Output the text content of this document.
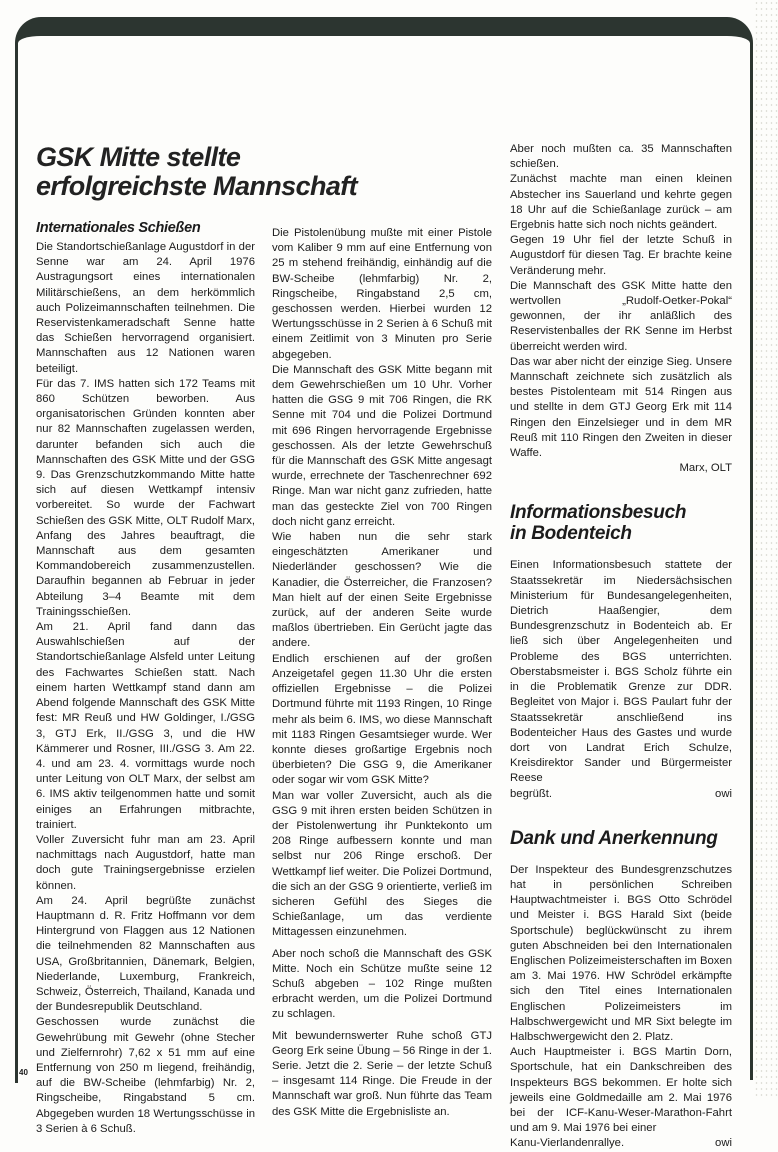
GSK Mitte stellte
erfolgreichste Mannschaft
Internationales Schießen

Die Standortschießanlage Augustdorf in der Senne war am 24. April 1976 Austragungsort eines internationalen Militärschießens, an dem herkömmlich auch Polizeimannschaften teilnehmen. Die Reservistenkameradschaft Senne hatte das Schießen hervorragend organisiert. Mannschaften aus 12 Nationen waren beteiligt.

Für das 7. IMS hatten sich 172 Teams mit 860 Schützen beworben. Aus organisatorischen Gründen konnten aber nur 82 Mannschaften zugelassen werden, darunter befanden sich auch die Mannschaften des GSK Mitte und der GSG 9. Das Grenzschutzkommando Mitte hatte sich auf diesen Wettkampf intensiv vorbereitet. So wurde der Fachwart Schießen des GSK Mitte, OLT Rudolf Marx, Anfang des Jahres beauftragt, die Mannschaft aus dem gesamten Kommandobereich zusammenzustellen. Daraufhin begannen ab Februar in jeder Abteilung 3–4 Beamte mit dem Trainingsschießen.

Am 21. April fand dann das Auswahlschießen auf der Standortschießanlage Alsfeld unter Leitung des Fachwartes Schießen statt. Nach einem harten Wettkampf stand dann am Abend folgende Mannschaft des GSK Mitte fest: MR Reuß und HW Goldinger, I./GSG 3, GTJ Erk, II./GSG 3, und die HW Kämmerer und Rosner, III./GSG 3. Am 22. 4. und am 23. 4. vormittags wurde noch unter Leitung von OLT Marx, der selbst am 6. IMS aktiv teilgenommen hatte und somit einiges an Erfahrungen mitbrachte, trainiert.

Voller Zuversicht fuhr man am 23. April nachmittags nach Augustdorf, hatte man doch gute Trainingsergebnisse erzielen können.

Am 24. April begrüßte zunächst Hauptmann d. R. Fritz Hoffmann vor dem Hintergrund von Flaggen aus 12 Nationen die teilnehmenden 82 Mannschaften aus USA, Großbritannien, Dänemark, Belgien, Niederlande, Luxemburg, Frankreich, Schweiz, Österreich, Thailand, Kanada und der Bundesrepublik Deutschland.

Geschossen wurde zunächst die Gewehrübung mit Gewehr (ohne Stecher und Zielfernrohr) 7,62 x 51 mm auf eine Entfernung von 250 m liegend, freihändig, auf die BW-Scheibe (lehmfarbig) Nr. 2, Ringscheibe, Ringabstand 5 cm. Abgegeben wurden 18 Wertungsschüsse in 3 Serien à 6 Schuß.

Die Pistolenübung mußte mit einer Pistole vom Kaliber 9 mm auf eine Entfernung von 25 m stehend freihändig, einhändig auf die BW-Scheibe (lehmfarbig) Nr. 2, Ringscheibe, Ringabstand 2,5 cm, geschossen werden. Hierbei wurden 12 Wertungsschüsse in 2 Serien à 6 Schuß mit einem Zeitlimit von 3 Minuten pro Serie abgegeben.

Die Mannschaft des GSK Mitte begann mit dem Gewehrschießen um 10 Uhr. Vorher hatten die GSG 9 mit 706 Ringen, die RK Senne mit 704 und die Polizei Dortmund mit 696 Ringen hervorragende Ergebnisse geschossen. Als der letzte Gewehrschuß für die Mannschaft des GSK Mitte angesagt wurde, errechnete der Taschenrechner 692 Ringe. Man war nicht ganz zufrieden, hatte man das gesteckte Ziel von 700 Ringen doch nicht ganz erreicht.

Wie haben nun die sehr stark eingeschätzten Amerikaner und Niederländer geschossen? Wie die Kanadier, die Österreicher, die Franzosen? Man hielt auf der einen Seite Ergebnisse zurück, auf der anderen Seite wurde maßlos übertrieben. Ein Gerücht jagte das andere.

Endlich erschienen auf der großen Anzeigetafel gegen 11.30 Uhr die ersten offiziellen Ergebnisse – die Polizei Dortmund führte mit 1193 Ringen, 10 Ringe mehr als beim 6. IMS, wo diese Mannschaft mit 1183 Ringen Gesamtsieger wurde. Wer konnte dieses großartige Ergebnis noch überbieten? Die GSG 9, die Amerikaner oder sogar wir vom GSK Mitte?

Man war voller Zuversicht, auch als die GSG 9 mit ihren ersten beiden Schützen in der Pistolenwertung ihr Punktekonto um 208 Ringe aufbessern konnte und man selbst nur 206 Ringe erschoß. Der Wettkampf lief weiter. Die Polizei Dortmund, die sich an der GSG 9 orientierte, verließ im sicheren Gefühl des Sieges die Schießanlage, um das verdiente Mittagessen einzunehmen.

Aber noch schoß die Mannschaft des GSK Mitte. Noch ein Schütze mußte seine 12 Schuß abgeben – 102 Ringe mußten erbracht werden, um die Polizei Dortmund zu schlagen.

Mit bewundernswerter Ruhe schoß GTJ Georg Erk seine Übung – 56 Ringe in der 1. Serie. Jetzt die 2. Serie – der letzte Schuß – insgesamt 114 Ringe. Die Freude in der Mannschaft war groß. Nun führte das Team des GSK Mitte die Ergebnisliste an.

Aber noch mußten ca. 35 Mannschaften schießen.

Zunächst machte man einen kleinen Abstecher ins Sauerland und kehrte gegen 18 Uhr auf die Schießanlage zurück – am Ergebnis hatte sich noch nichts geändert.

Gegen 19 Uhr fiel der letzte Schuß in Augustdorf für diesen Tag. Er brachte keine Veränderung mehr.

Die Mannschaft des GSK Mitte hatte den wertvollen „Rudolf-Oetker-Pokal“ gewonnen, der ihr anläßlich des Reservistenballes der RK Senne im Herbst überreicht werden wird.

Das war aber nicht der einzige Sieg. Unsere Mannschaft zeichnete sich zusätzlich als bestes Pistolenteam mit 514 Ringen aus und stellte in dem GTJ Georg Erk mit 114 Ringen den Einzelsieger und in dem MR Reuß mit 110 Ringen den Zweiten in dieser Waffe.

Marx, OLT
Informationsbesuch
in Bodenteich

Einen Informationsbesuch stattete der Staatssekretär im Niedersächsischen Ministerium für Bundesangelegenheiten, Dietrich Haaßengier, dem Bundesgrenzschutz in Bodenteich ab. Er ließ sich über Angelegenheiten und Probleme des BGS unterrichten. Oberstabsmeister i. BGS Scholz führte ein in die Problematik Grenze zur DDR. Begleitet von Major i. BGS Paulart fuhr der Staatssekretär anschließend ins Bodenteicher Haus des Gastes und wurde dort von Landrat Erich Schulze, Kreisdirektor Sander und Bürgermeister Reese

begrüßt.	owi
Dank und Anerkennung

Der Inspekteur des Bundesgrenzschutzes hat in persönlichen Schreiben Hauptwachtmeister i. BGS Otto Schrödel und Meister i. BGS Harald Sixt (beide Sportschule) beglückwünscht zu ihrem guten Abschneiden bei den Internationalen Englischen Polizeimeisterschaften im Boxen am 3. Mai 1976. HW Schrödel erkämpfte sich den Titel eines Internationalen Englischen Polizeimeisters im Halbschwergewicht und MR Sixt belegte im Halbschwergewicht den 2. Platz.

Auch Hauptmeister i. BGS Martin Dorn, Sportschule, hat ein Dankschreiben des Inspekteurs BGS bekommen. Er holte sich jeweils eine Goldmedaille am 2. Mai 1976 bei der ICF-Kanu-Weser-Marathon-Fahrt und am 9. Mai 1976 bei einer

Kanu-Vierlandenrallye.	owi
40
